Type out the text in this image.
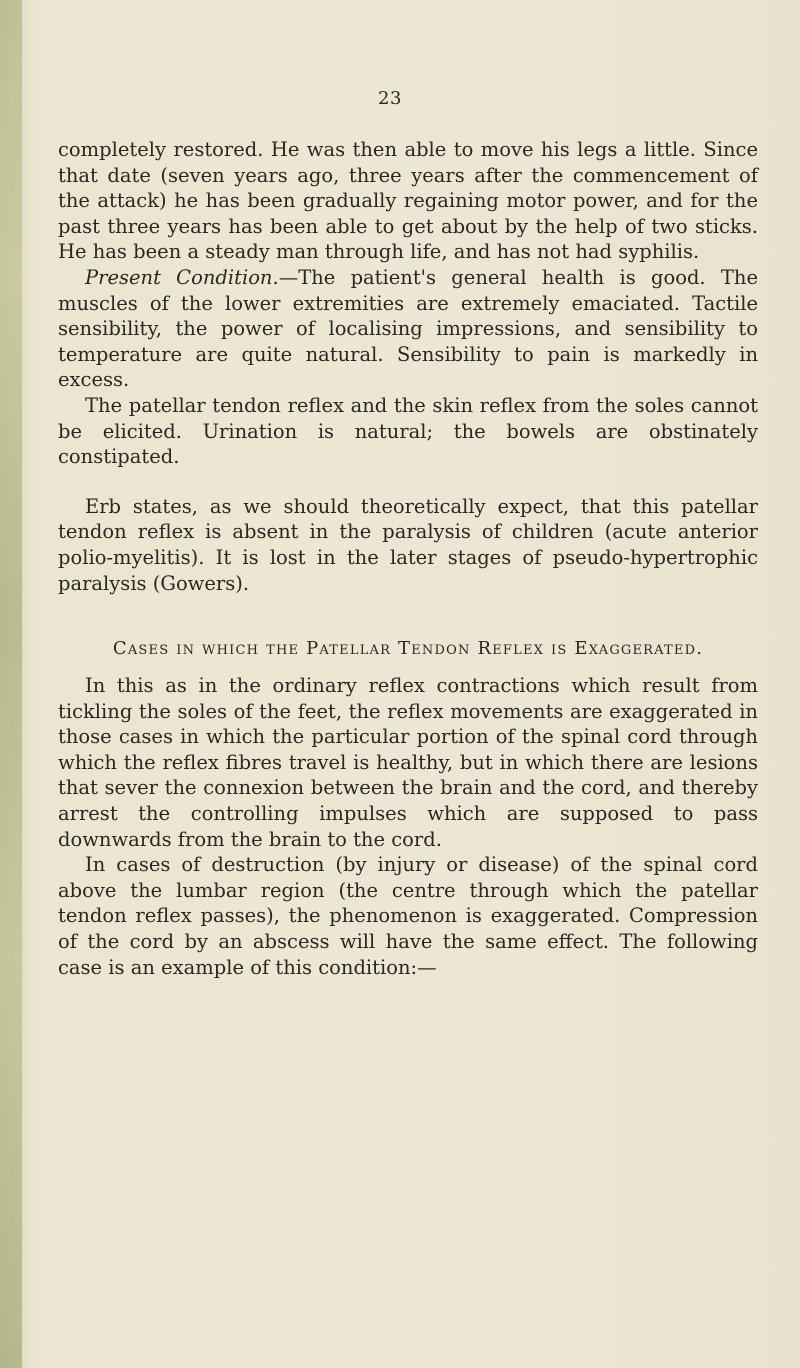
23

completely restored. He was then able to move his legs a little. Since that date (seven years ago, three years after the commencement of the attack) he has been gradually regaining motor power, and for the past three years has been able to get about by the help of two sticks. He has been a steady man through life, and has not had syphilis.

Present Condition.—The patient's general health is good. The muscles of the lower extremities are extremely emaciated. Tactile sensibility, the power of localising impressions, and sensibility to temperature are quite natural. Sensibility to pain is markedly in excess.

The patellar tendon reflex and the skin reflex from the soles cannot be elicited. Urination is natural; the bowels are obstinately constipated.

Erb states, as we should theoretically expect, that this patellar tendon reflex is absent in the paralysis of children (acute anterior polio-myelitis). It is lost in the later stages of pseudo-hypertrophic paralysis (Gowers).

Cases in which the Patellar Tendon Reflex is Exaggerated.

In this as in the ordinary reflex contractions which result from tickling the soles of the feet, the reflex movements are exaggerated in those cases in which the particular portion of the spinal cord through which the reflex fibres travel is healthy, but in which there are lesions that sever the connexion between the brain and the cord, and thereby arrest the controlling impulses which are supposed to pass downwards from the brain to the cord.

In cases of destruction (by injury or disease) of the spinal cord above the lumbar region (the centre through which the patellar tendon reflex passes), the phenomenon is exaggerated. Compression of the cord by an abscess will have the same effect. The following case is an example of this condition:—
